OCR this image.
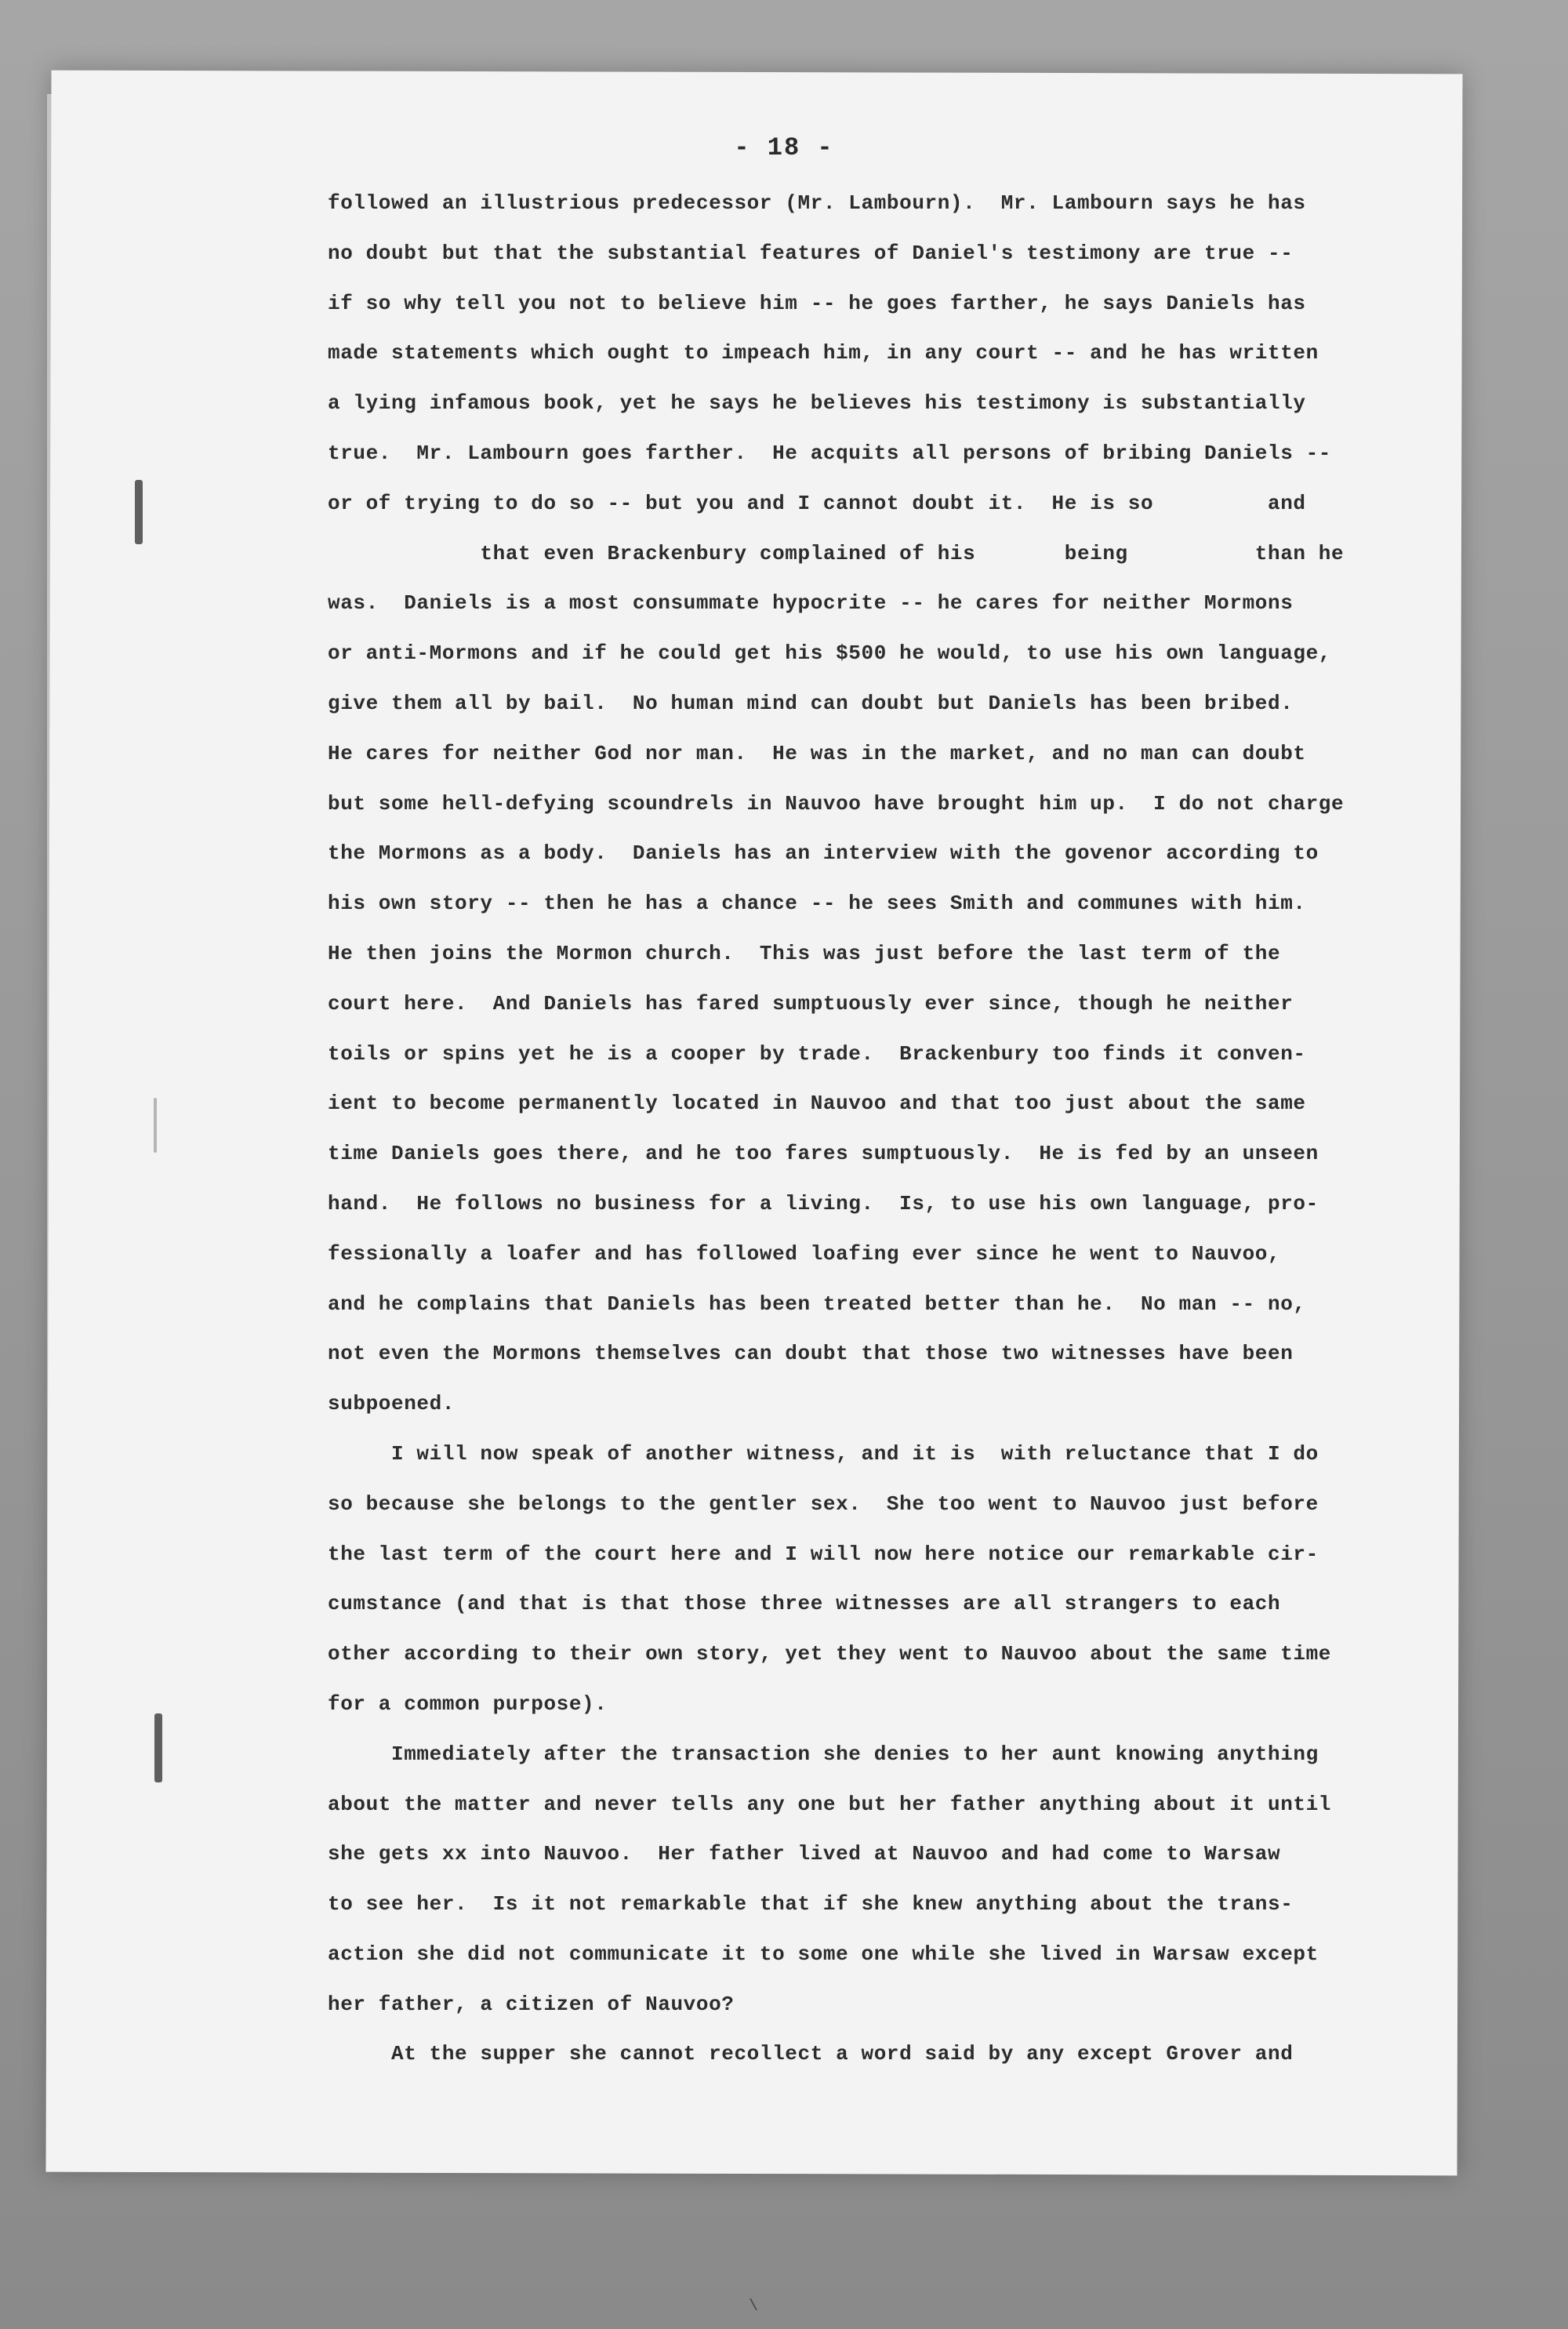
- 18 -
followed an illustrious predecessor (Mr. Lambourn).  Mr. Lambourn says he has
no doubt but that the substantial features of Daniel's testimony are true --
if so why tell you not to believe him -- he goes farther, he says Daniels has
made statements which ought to impeach him, in any court -- and he has written
a lying infamous book, yet he says he believes his testimony is substantially
true.  Mr. Lambourn goes farther.  He acquits all persons of bribing Daniels --
or of trying to do so -- but you and I cannot doubt it.  He is so         and
that even Brackenbury complained of his       being          than he
was.  Daniels is a most consummate hypocrite -- he cares for neither Mormons
or anti-Mormons and if he could get his $500 he would, to use his own language,
give them all by bail.  No human mind can doubt but Daniels has been bribed.
He cares for neither God nor man.  He was in the market, and no man can doubt
but some hell-defying scoundrels in Nauvoo have brought him up.  I do not charge
the Mormons as a body.  Daniels has an interview with the govenor according to
his own story -- then he has a chance -- he sees Smith and communes with him.
He then joins the Mormon church.  This was just before the last term of the
court here.  And Daniels has fared sumptuously ever since, though he neither
toils or spins yet he is a cooper by trade.  Brackenbury too finds it conven-
ient to become permanently located in Nauvoo and that too just about the same
time Daniels goes there, and he too fares sumptuously.  He is fed by an unseen
hand.  He follows no business for a living.  Is, to use his own language, pro-
fessionally a loafer and has followed loafing ever since he went to Nauvoo,
and he complains that Daniels has been treated better than he.  No man -- no,
not even the Mormons themselves can doubt that those two witnesses have been
subpoened.
I will now speak of another witness, and it is  with reluctance that I do
so because she belongs to the gentler sex.  She too went to Nauvoo just before
the last term of the court here and I will now here notice our remarkable cir-
cumstance (and that is that those three witnesses are all strangers to each
other according to their own story, yet they went to Nauvoo about the same time
for a common purpose).
Immediately after the transaction she denies to her aunt knowing anything
about the matter and never tells any one but her father anything about it until
she gets xx into Nauvoo.  Her father lived at Nauvoo and had come to Warsaw
to see her.  Is it not remarkable that if she knew anything about the trans-
action she did not communicate it to some one while she lived in Warsaw except
her father, a citizen of Nauvoo?
At the supper she cannot recollect a word said by any except Grover and
\
